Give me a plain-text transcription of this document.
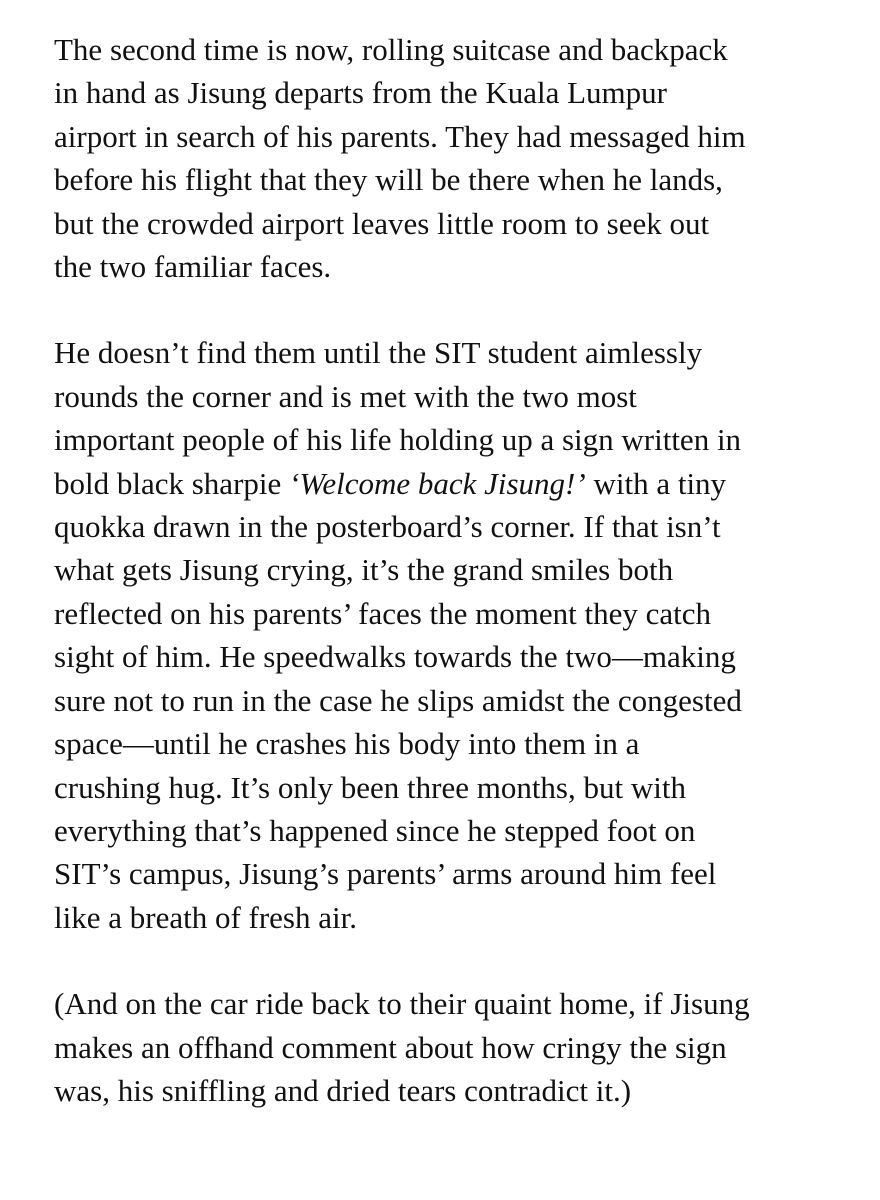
The second time is now, rolling suitcase and backpack
in hand as Jisung departs from the Kuala Lumpur
airport in search of his parents. They had messaged him
before his flight that they will be there when he lands,
but the crowded airport leaves little room to seek out
the two familiar faces.

He doesn’t find them until the SIT student aimlessly
rounds the corner and is met with the two most
important people of his life holding up a sign written in
bold black sharpie ‘Welcome back Jisung!’ with a tiny
quokka drawn in the posterboard’s corner. If that isn’t
what gets Jisung crying, it’s the grand smiles both
reflected on his parents’ faces the moment they catch
sight of him. He speedwalks towards the two—making
sure not to run in the case he slips amidst the congested
space—until he crashes his body into them in a
crushing hug. It’s only been three months, but with
everything that’s happened since he stepped foot on
SIT’s campus, Jisung’s parents’ arms around him feel
like a breath of fresh air.

(And on the car ride back to their quaint home, if Jisung
makes an offhand comment about how cringy the sign
was, his sniffling and dried tears contradict it.)
